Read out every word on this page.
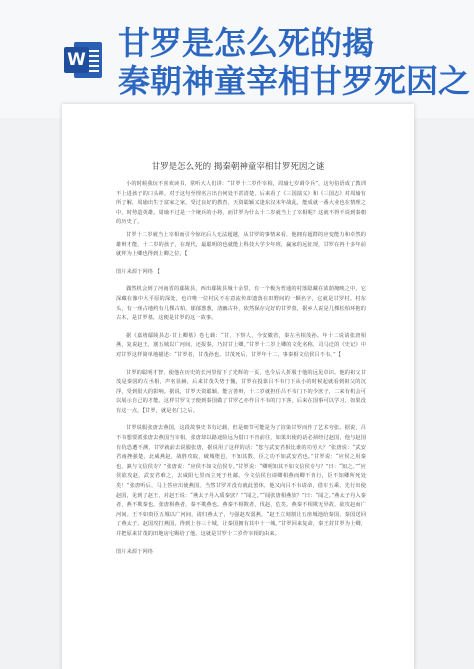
W 甘罗是怎么死的揭
秦朝神童宰相甘罗死因之
甘罗是怎么死的 揭秦朝神童宰相甘罗死因之谜

小的时候我玩不喜欢读书，常听大人们讲：“甘罗十二岁作宰相，周瑜七岁调令兵”，这句俗语成了教训不上进孩子的口头禅。对于这句至理名言出自何处不甚清楚，后来看了《三国演义》和《三国志》对周瑜有所了解，周瑜出生于富家之家，受过良好的教育，天资聪颖又逢东汉末年战乱，能成就一番大业也在情理之中，时势造英雄。周瑜不过是一个统兵的小将，而甘罗为什么十二岁就当上了宰相呢？这就不得不说到秦朝的历史了。

甘罗十二岁就当上宰相而引今惊诧后人无法超越，从甘罗的事情来看，他拥有超群的应变能力和卓然的雄辩才能，十二岁的孩子，在现代，最聪明的也就能上科技大学少年班，赢家的远征现，甘罗在再十多年前就拜为上卿也得到上卿之位，【

图片来源于网络 【

偶然机会到了河南省的鄢陵县，西出鄢陵县城十余里，有一个极为普通的村落隐藏在浓荫掩映之中，它深藏在豫中大平原的深处，也许唯一位村民不在意流传却遗落在田野间的一颗名字，它就是甘罗村。村东头，有一座占地约有几棵古柏，郁郁葱葱，清幽古朴，依然保存完好的甘罗墓，据乡人说是几棵松柏环抱的古木，是甘罗墓，这便是甘罗的这一故事。

据《嘉靖鄢陵县志·甘上卿墓》卷七载：“甘，下察人，今安徽省，秦左丞相茂孙。年十二说请张唐相燕，复说赵王，割五城以广河间，还报秦，乃封甘上卿。”甘罗十二岁上卿的文化名称，司马迁的《史记》中对甘罗这样简单地描述：“甘罗者，甘茂孙也。甘茂死后，甘罗年十二，事秦相文信侯吕不韦。”【

甘罗的聪明才智，使他在历史的长河里留下了光辉的一页，也令后人折服于他的远见卓识。他的祖父甘茂是秦国的左丞相，声名显赫，后来甘茂失势于魏，甘罗在投靠吕不韦门下从小的时候起就看到祖父的沉浮，受到很大的影响。据说，甘罗天资聪颖、能言善辩，十二岁就担任吕不韦门下的少庶子，二来有机会可以展示自己的才能，这样甘罗文子便到秦国做了甘罗乙亦作吕不韦的门下客，后来在国事可以学习，如果没有这一点，【甘罗，就是名门之后。

甘罗说服张唐去燕国，这段故事史书有记载，但是细节可能是为了渲染甘罗而作了艺术夸张。据说，吕不韦想要派张唐去燕国当宰相，张唐却以路途险远为借口不肯前往，如果出使的话必须经过赵国，他与赵国有仇恐遭不测，甘罗就前去说服张唐，据说用了这样的话：“您与武安君相比谁的功劳大？”张唐说：“武安君南挫强楚，北威燕赵，战胜攻取，破城堕邑，不知其数，臣之功不如武安君也。”甘罗说：“应侯之用秦也，孰与文信侯专？”张唐说：“应侯不如文信侯专。”甘罗说：“卿明知其不如文信侯专与？”曰：“知之。”“应侯欲攻赵，武安君难之，去咸阳七里而立死于杜邮。今文信侯自请卿相燕而卿不肯行，臣不知卿所死处矣！”张唐听后，马上答应出使燕国。当然甘罗并没有就此罢休，他又向吕不韦请命，借车五乘，先行出使赵国，见到了赵王，对赵王说：“燕太子丹入质秦欤？”“闻之。”“闻张唐相燕欤？”曰：“闻之。”燕太子丹入秦者，燕不欺秦也。张唐相燕者，秦不欺燕也。燕秦不相欺者，伐赵，危矣。燕秦不相欺无异故，欲攻赵而广河间。王不如赍臣五城以广河间，请归燕太子，与强赵攻弱燕。“赵王立刻割让五座城池给秦国，秦国送回了燕太子。赵国攻打燕国，得到上谷三十城，让秦国拥有其中十一城。”甘罗回来复命，秦王封甘罗为上卿，并把原来甘茂的田地房宅赐给了他。这就是甘罗十二岁作宰相的由来。

图片来源于网络
